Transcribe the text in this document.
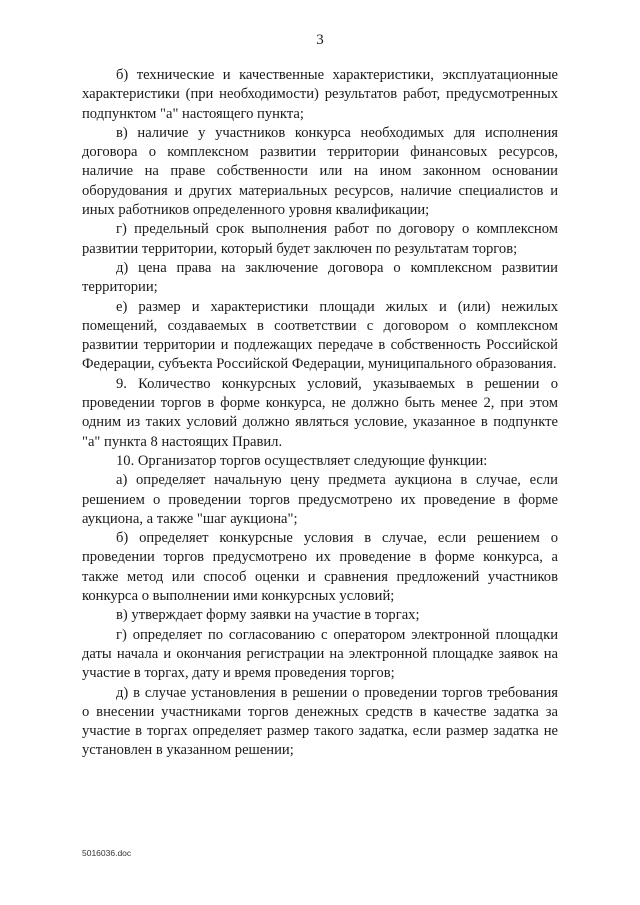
3

б) технические и качественные характеристики, эксплуатационные характеристики (при необходимости) результатов работ, предусмотренных подпунктом "а" настоящего пункта;

в) наличие у участников конкурса необходимых для исполнения договора о комплексном развитии территории финансовых ресурсов, наличие на праве собственности или на ином законном основании оборудования и других материальных ресурсов, наличие специалистов и иных работников определенного уровня квалификации;

г) предельный срок выполнения работ по договору о комплексном развитии территории, который будет заключен по результатам торгов;

д) цена права на заключение договора о комплексном развитии территории;

е) размер и характеристики площади жилых и (или) нежилых помещений, создаваемых в соответствии с договором о комплексном развитии территории и подлежащих передаче в собственность Российской Федерации, субъекта Российской Федерации, муниципального образования.

9. Количество конкурсных условий, указываемых в решении о проведении торгов в форме конкурса, не должно быть менее 2, при этом одним из таких условий должно являться условие, указанное в подпункте "а" пункта 8 настоящих Правил.

10. Организатор торгов осуществляет следующие функции:

а) определяет начальную цену предмета аукциона в случае, если решением о проведении торгов предусмотрено их проведение в форме аукциона, а также "шаг аукциона";

б) определяет конкурсные условия в случае, если решением о проведении торгов предусмотрено их проведение в форме конкурса, а также метод или способ оценки и сравнения предложений участников конкурса о выполнении ими конкурсных условий;

в) утверждает форму заявки на участие в торгах;

г) определяет по согласованию с оператором электронной площадки даты начала и окончания регистрации на электронной площадке заявок на участие в торгах, дату и время проведения торгов;

д) в случае установления в решении о проведении торгов требования о внесении участниками торгов денежных средств в качестве задатка за участие в торгах определяет размер такого задатка, если размер задатка не установлен в указанном решении;

5016036.doc
